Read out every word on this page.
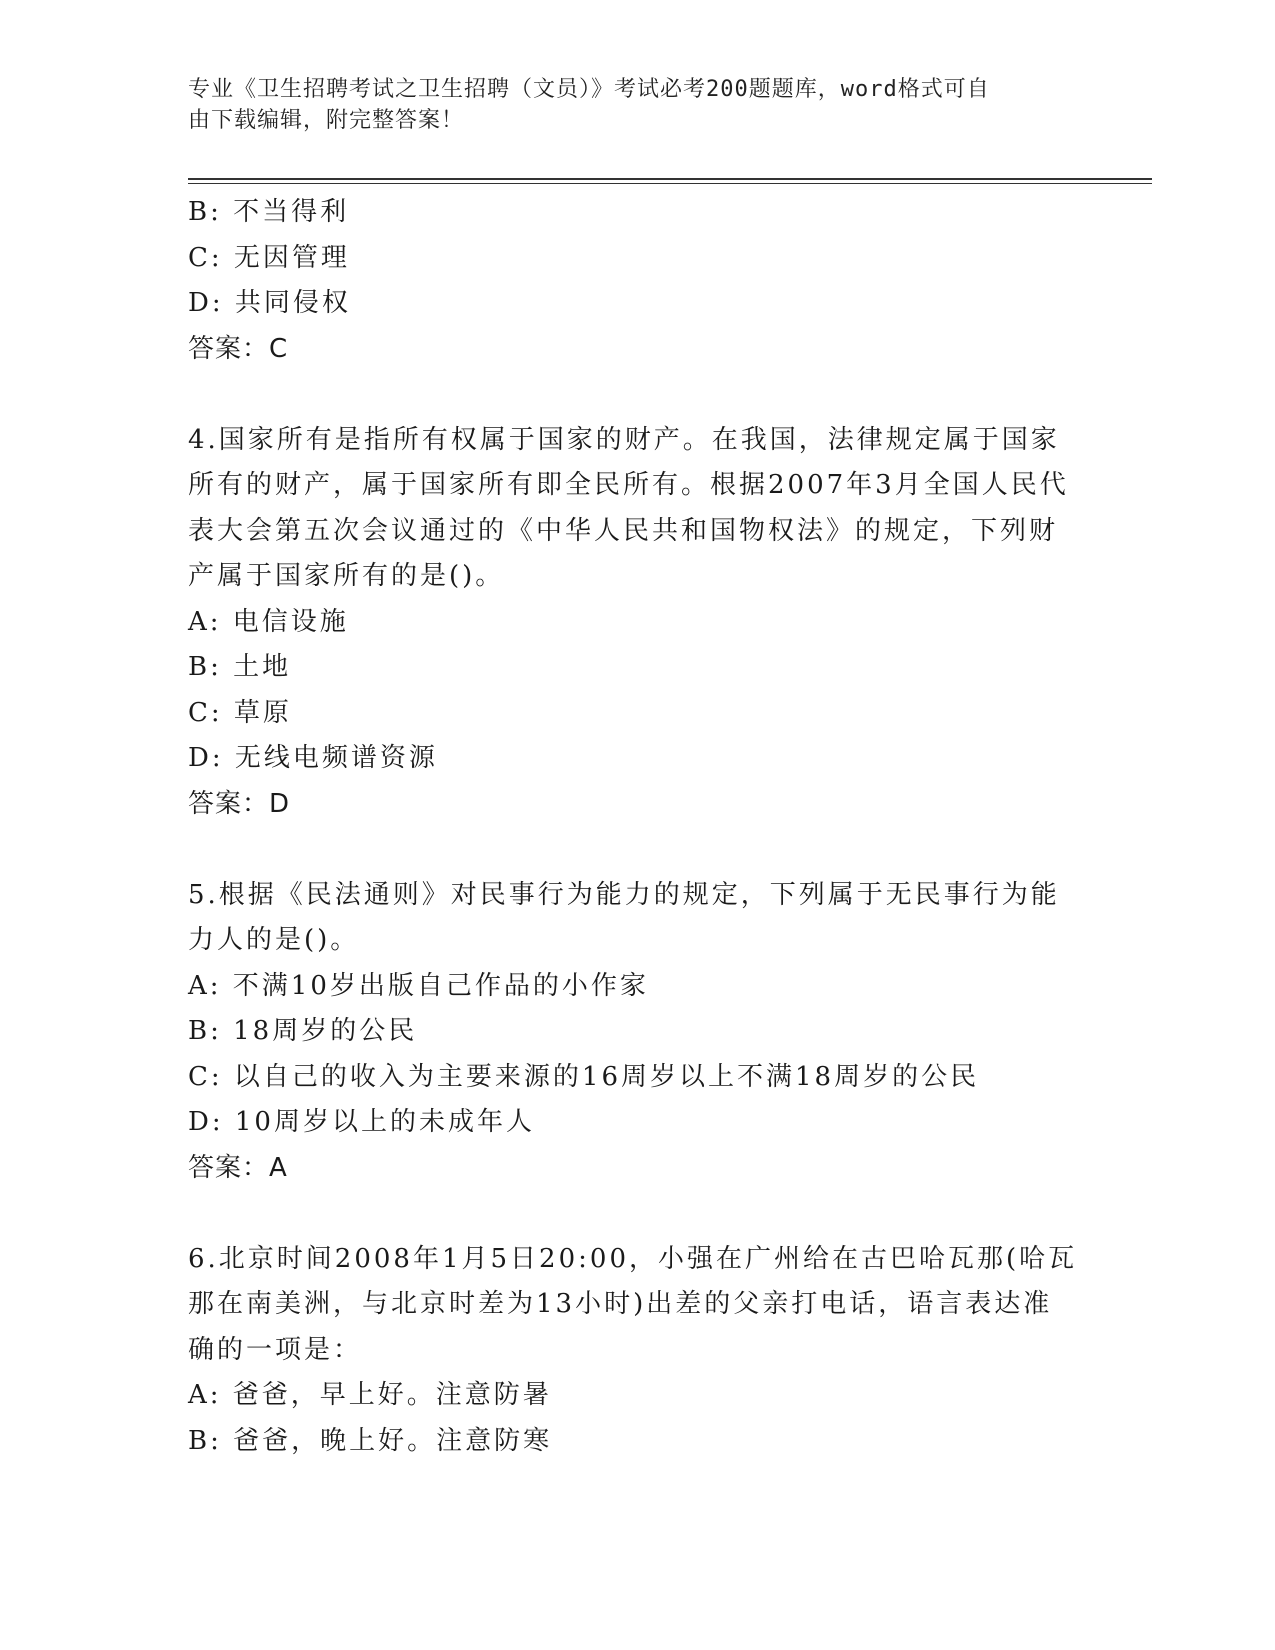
专业《卫生招聘考试之卫生招聘（文员）》考试必考200题题库，word格式可自
由下载编辑，附完整答案！
B: 不当得利
C: 无因管理
D: 共同侵权
答案：C
4.国家所有是指所有权属于国家的财产。在我国，法律规定属于国家
所有的财产，属于国家所有即全民所有。根据2007年3月全国人民代
表大会第五次会议通过的《中华人民共和国物权法》的规定，下列财
产属于国家所有的是()。
A: 电信设施
B: 土地
C: 草原
D: 无线电频谱资源
答案：D
5.根据《民法通则》对民事行为能力的规定，下列属于无民事行为能
力人的是()。
A: 不满10岁出版自己作品的小作家
B: 18周岁的公民
C: 以自己的收入为主要来源的16周岁以上不满18周岁的公民
D: 10周岁以上的未成年人
答案：A
6.北京时间2008年1月5日20:00，小强在广州给在古巴哈瓦那(哈瓦
那在南美洲，与北京时差为13小时)出差的父亲打电话，语言表达准
确的一项是：
A: 爸爸，早上好。注意防暑
B: 爸爸，晚上好。注意防寒
